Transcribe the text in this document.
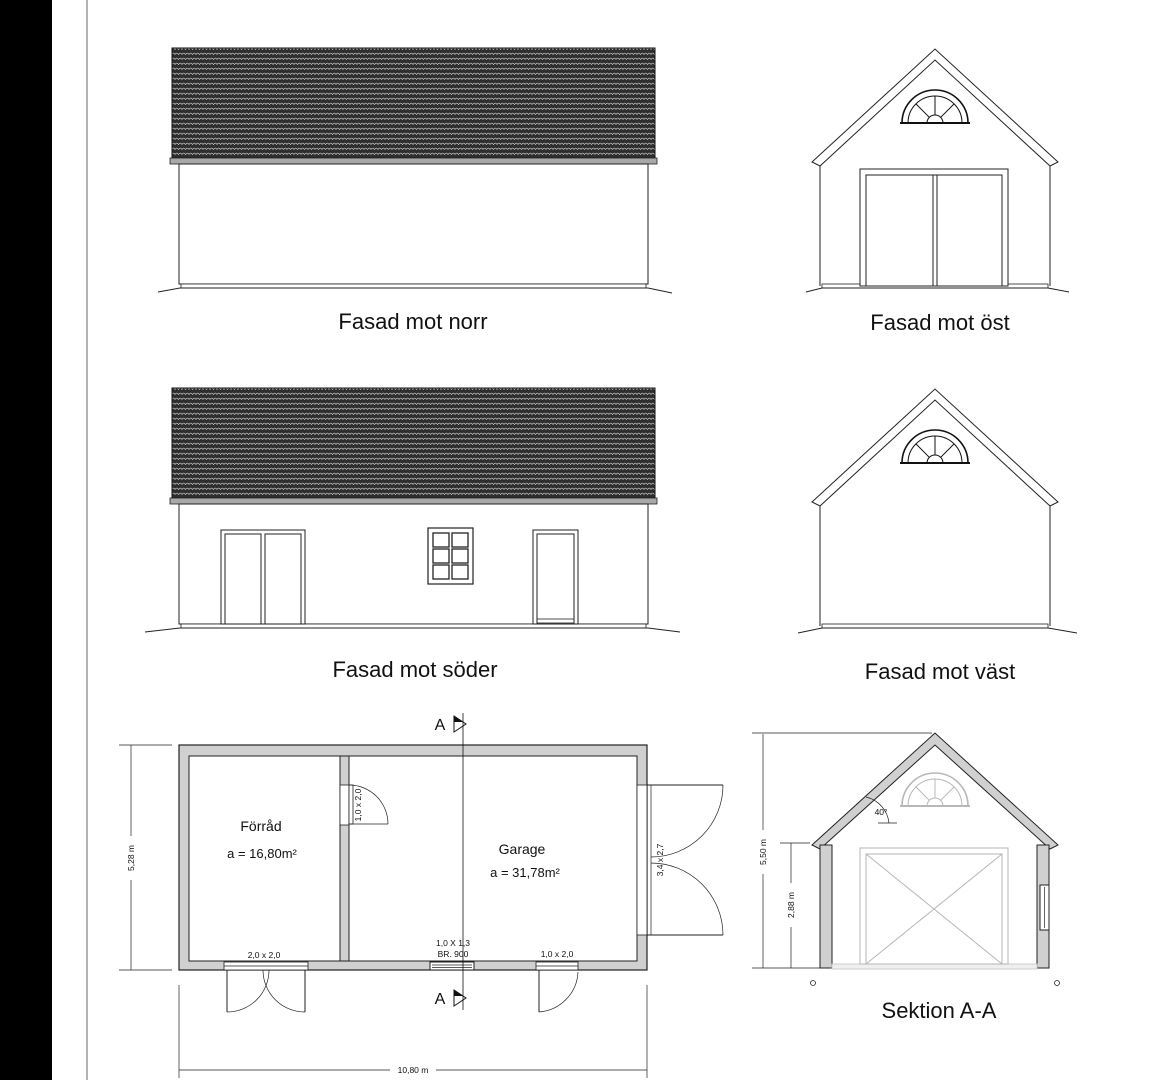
Fasad mot norr	Fasad mot öst
Fasad mot söder	Fasad mot väst
1,0 x 2,0
2,0 x 2,0
1,0 X 1,3
BR. 900	1,0 x 2,0
3,4 x 2,7
Förråd
a = 16,80m²	Garage
a = 31,78m²
A
A
5,28 m
10,80 m
40°
5,50 m
2,88 m
Sektion A-A
